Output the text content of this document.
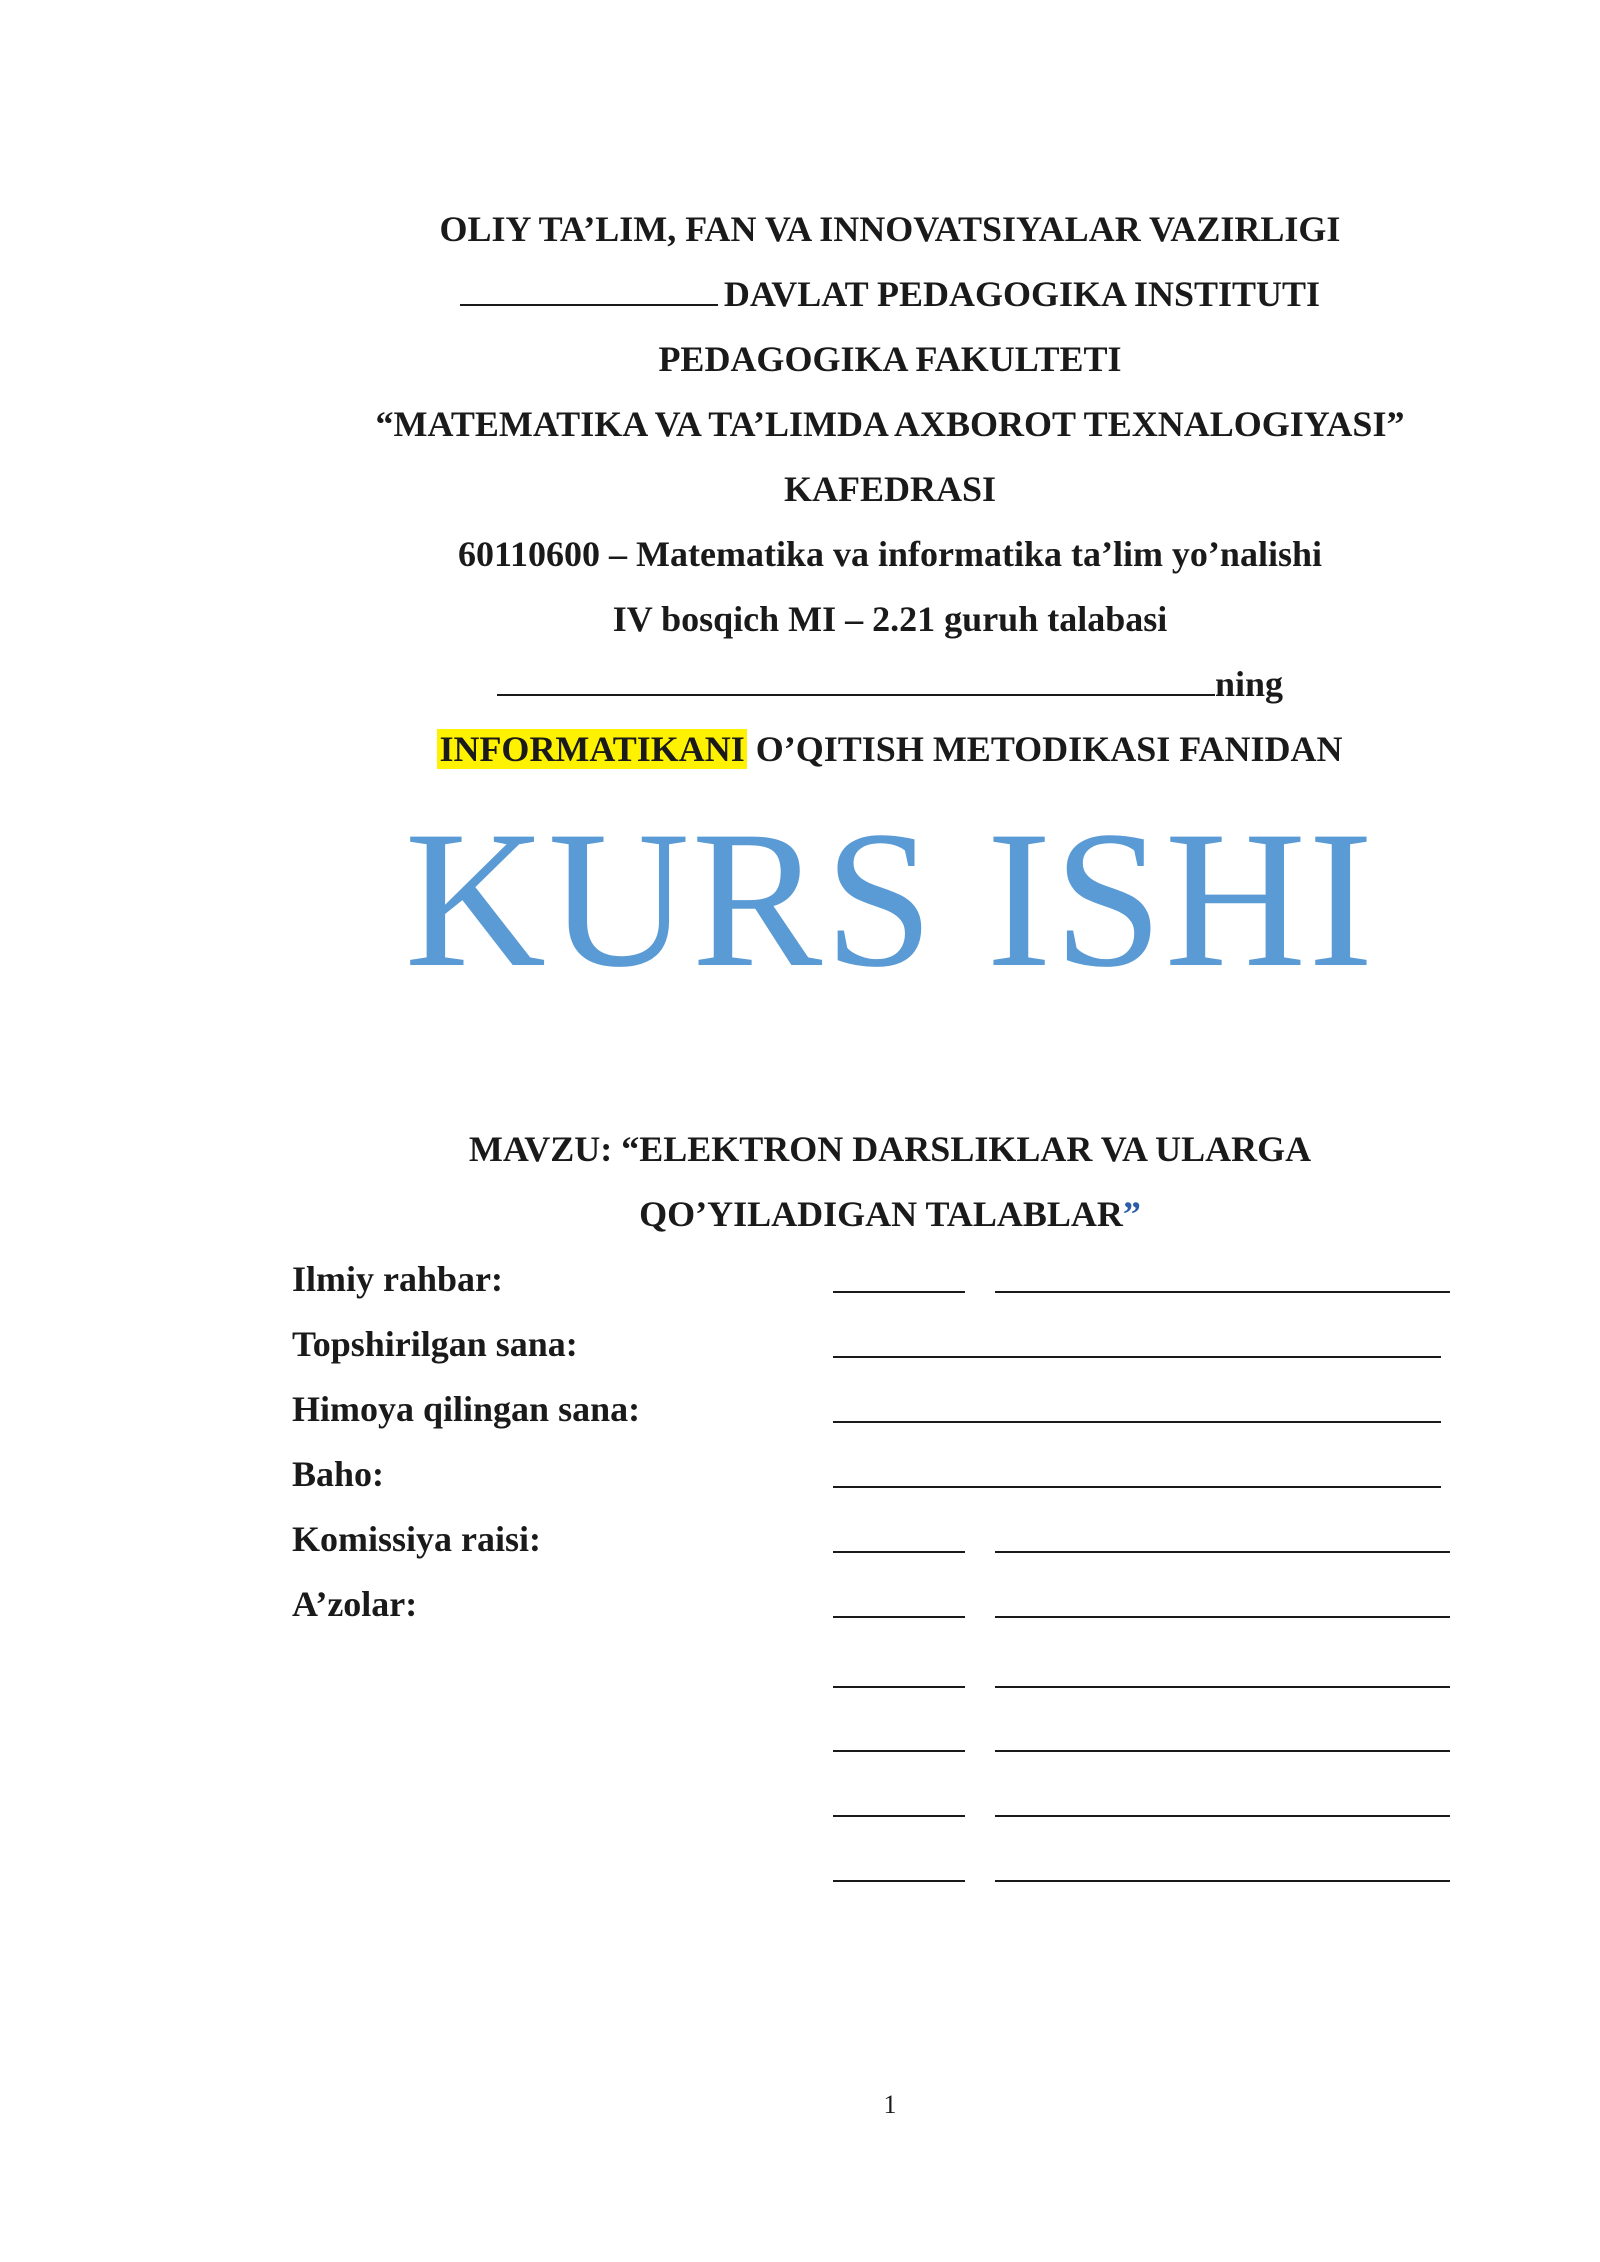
OLIY TA’LIM, FAN VA INNOVATSIYALAR VAZIRLIGI
DAVLAT PEDAGOGIKA INSTITUTI
PEDAGOGIKA FAKULTETI
“MATEMATIKA VA TA’LIMDA AXBOROT TEXNALOGIYASI”
KAFEDRASI
60110600 – Matematika va informatika ta’lim yo’nalishi
IV bosqich MI – 2.21 guruh talabasi
ning
INFORMATIKANI O’QITISH METODIKASI FANIDAN
KURS ISHI
MAVZU: “ELEKTRON DARSLIKLAR VA ULARGA
QO’YILADIGAN TALABLAR”
Ilmiy rahbar:
Topshirilgan sana:
Himoya qilingan sana:
Baho:
Komissiya raisi:
A’zolar:
1
